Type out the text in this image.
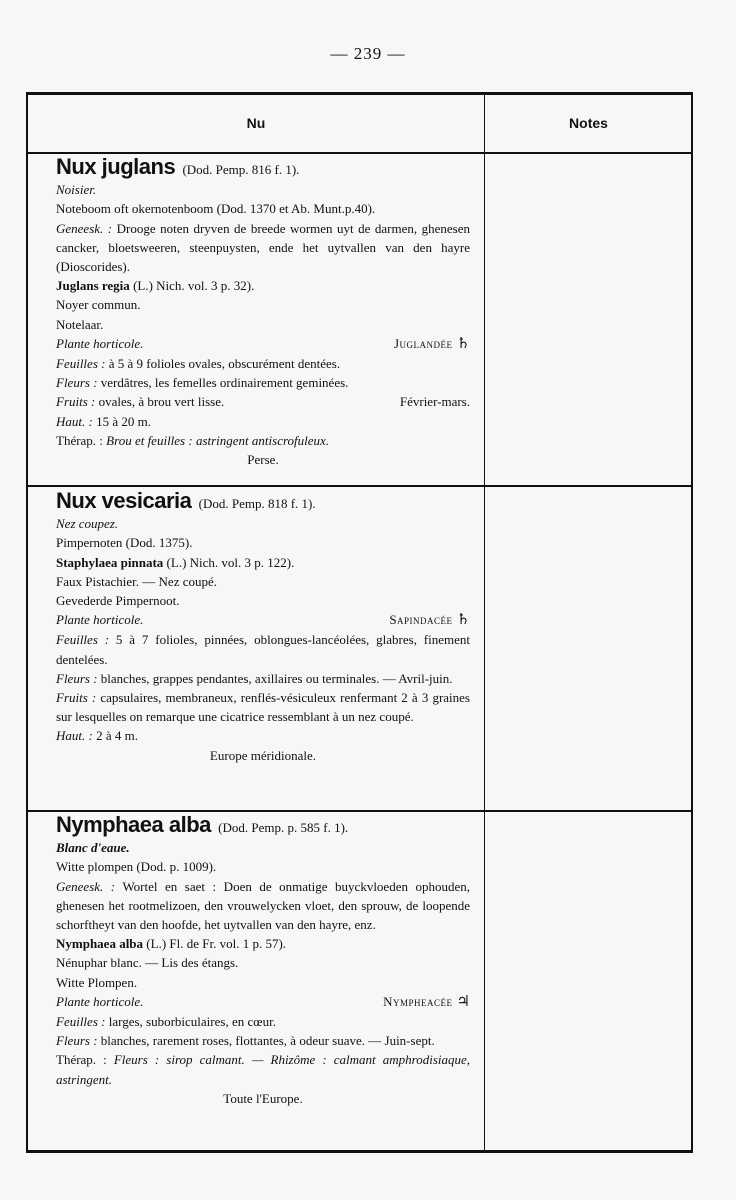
— 239 —
Nu	Notes
Nux juglans (Dod. Pemp. 816 f. 1).
Noisier.
Noteboom oft okernotenboom (Dod. 1370 et Ab. Munt.p.40).
Geneesk. : Drooge noten dryven de breede wormen uyt de darmen, ghenesen cancker, bloetsweeren, steenpuysten, ende het uytvallen van den hayre (Dioscorides).
Juglans regia (L.) Nich. vol. 3 p. 32).
Noyer commun.
Notelaar.
Plante horticole.	Juglandée ♄
Feuilles : à 5 à 9 folioles ovales, obscurément dentées.
Fleurs : verdâtres, les femelles ordinairement geminées.
Fruits : ovales, à brou vert lisse.	Février-mars.
Haut. : 15 à 20 m.
Thérap. : Brou et feuilles : astringent antiscrofuleux.
Perse.
Nux vesicaria (Dod. Pemp. 818 f. 1).
Nez coupez.
Pimpernoten (Dod. 1375).
Staphylaea pinnata (L.) Nich. vol. 3 p. 122).
Faux Pistachier. — Nez coupé.
Gevederde Pimpernoot.
Plante horticole.	Sapindacée ♄
Feuilles : 5 à 7 folioles, pinnées, oblongues-lancéolées, glabres, finement dentelées.
Fleurs : blanches, grappes pendantes, axillaires ou terminales. — Avril-juin.
Fruits : capsulaires, membraneux, renflés-vésiculeux renfermant 2 à 3 graines sur lesquelles on remarque une cicatrice ressemblant à un nez coupé.
Haut. : 2 à 4 m.
Europe méridionale.
Nymphaea alba (Dod. Pemp. p. 585 f. 1).
Blanc d'eaue.
Witte plompen (Dod. p. 1009).
Geneesk. : Wortel en saet : Doen de onmatige buyckvloeden ophouden, ghenesen het rootmelizoen, den vrouwelycken vloet, den sprouw, de loopende schorftheyt van den hoofde, het uytvallen van den hayre, enz.
Nymphaea alba (L.) Fl. de Fr. vol. 1 p. 57).
Nénuphar blanc. — Lis des étangs.
Witte Plompen.
Plante horticole.	Nympheacée ♃
Feuilles : larges, suborbiculaires, en cœur.
Fleurs : blanches, rarement roses, flottantes, à odeur suave. — Juin-sept.
Thérap. : Fleurs : sirop calmant. — Rhizôme : calmant amphrodisiaque, astringent.
Toute l'Europe.
